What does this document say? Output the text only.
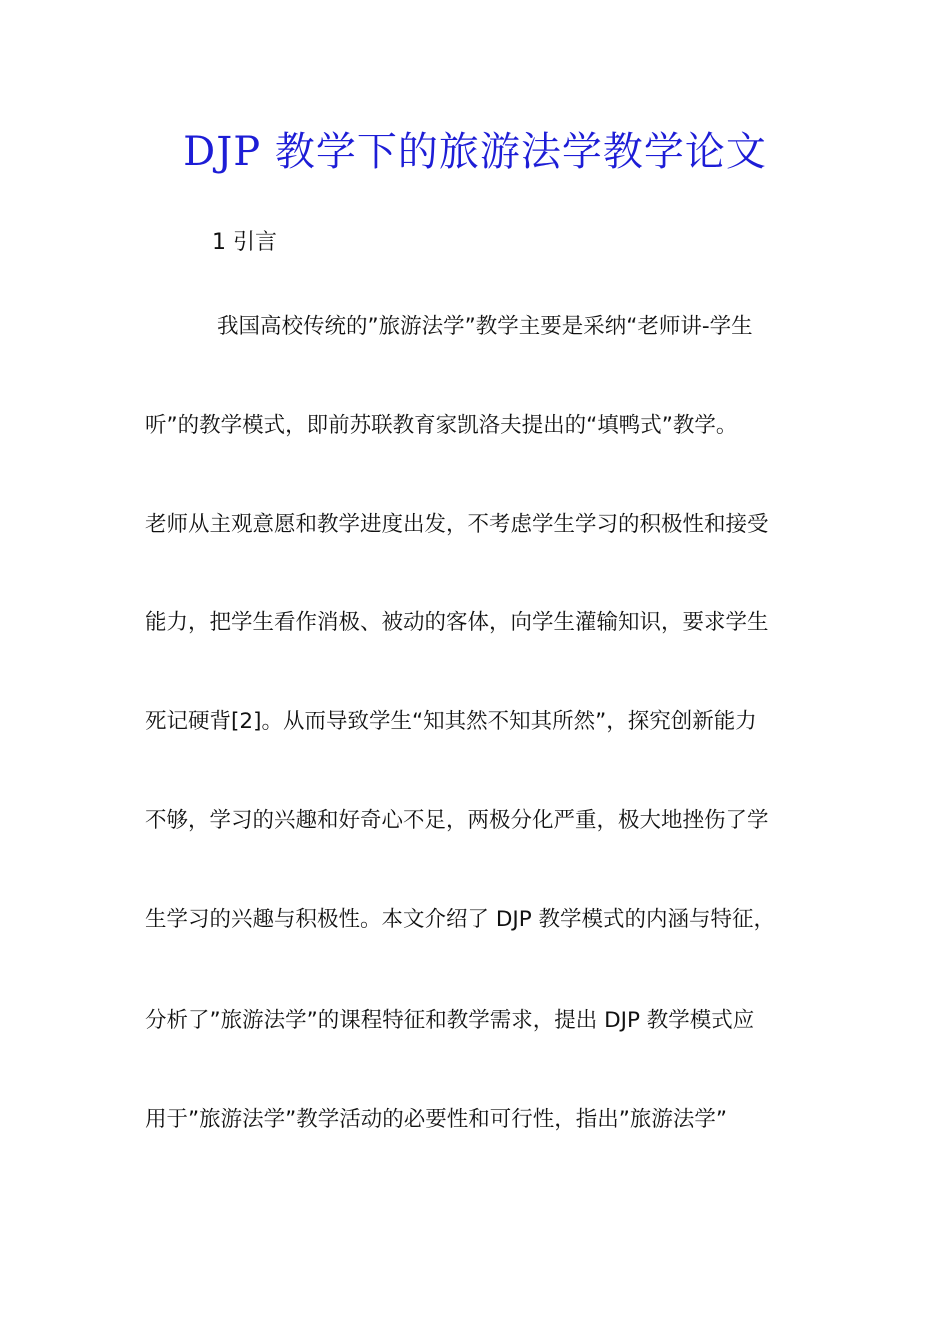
DJP 教学下的旅游法学教学论文

1 引言

我国高校传统的”旅游法学”教学主要是采纳“老师讲-学生

听”的教学模式，即前苏联教育家凯洛夫提出的“填鸭式”教学。

老师从主观意愿和教学进度出发，不考虑学生学习的积极性和接受

能力，把学生看作消极、被动的客体，向学生灌输知识，要求学生

死记硬背[2]。从而导致学生“知其然不知其所然”，探究创新能力

不够，学习的兴趣和好奇心不足，两极分化严重，极大地挫伤了学

生学习的兴趣与积极性。本文介绍了 DJP 教学模式的内涵与特征，

分析了”旅游法学”的课程特征和教学需求，提出 DJP 教学模式应

用于”旅游法学”教学活动的必要性和可行性，指出”旅游法学”
